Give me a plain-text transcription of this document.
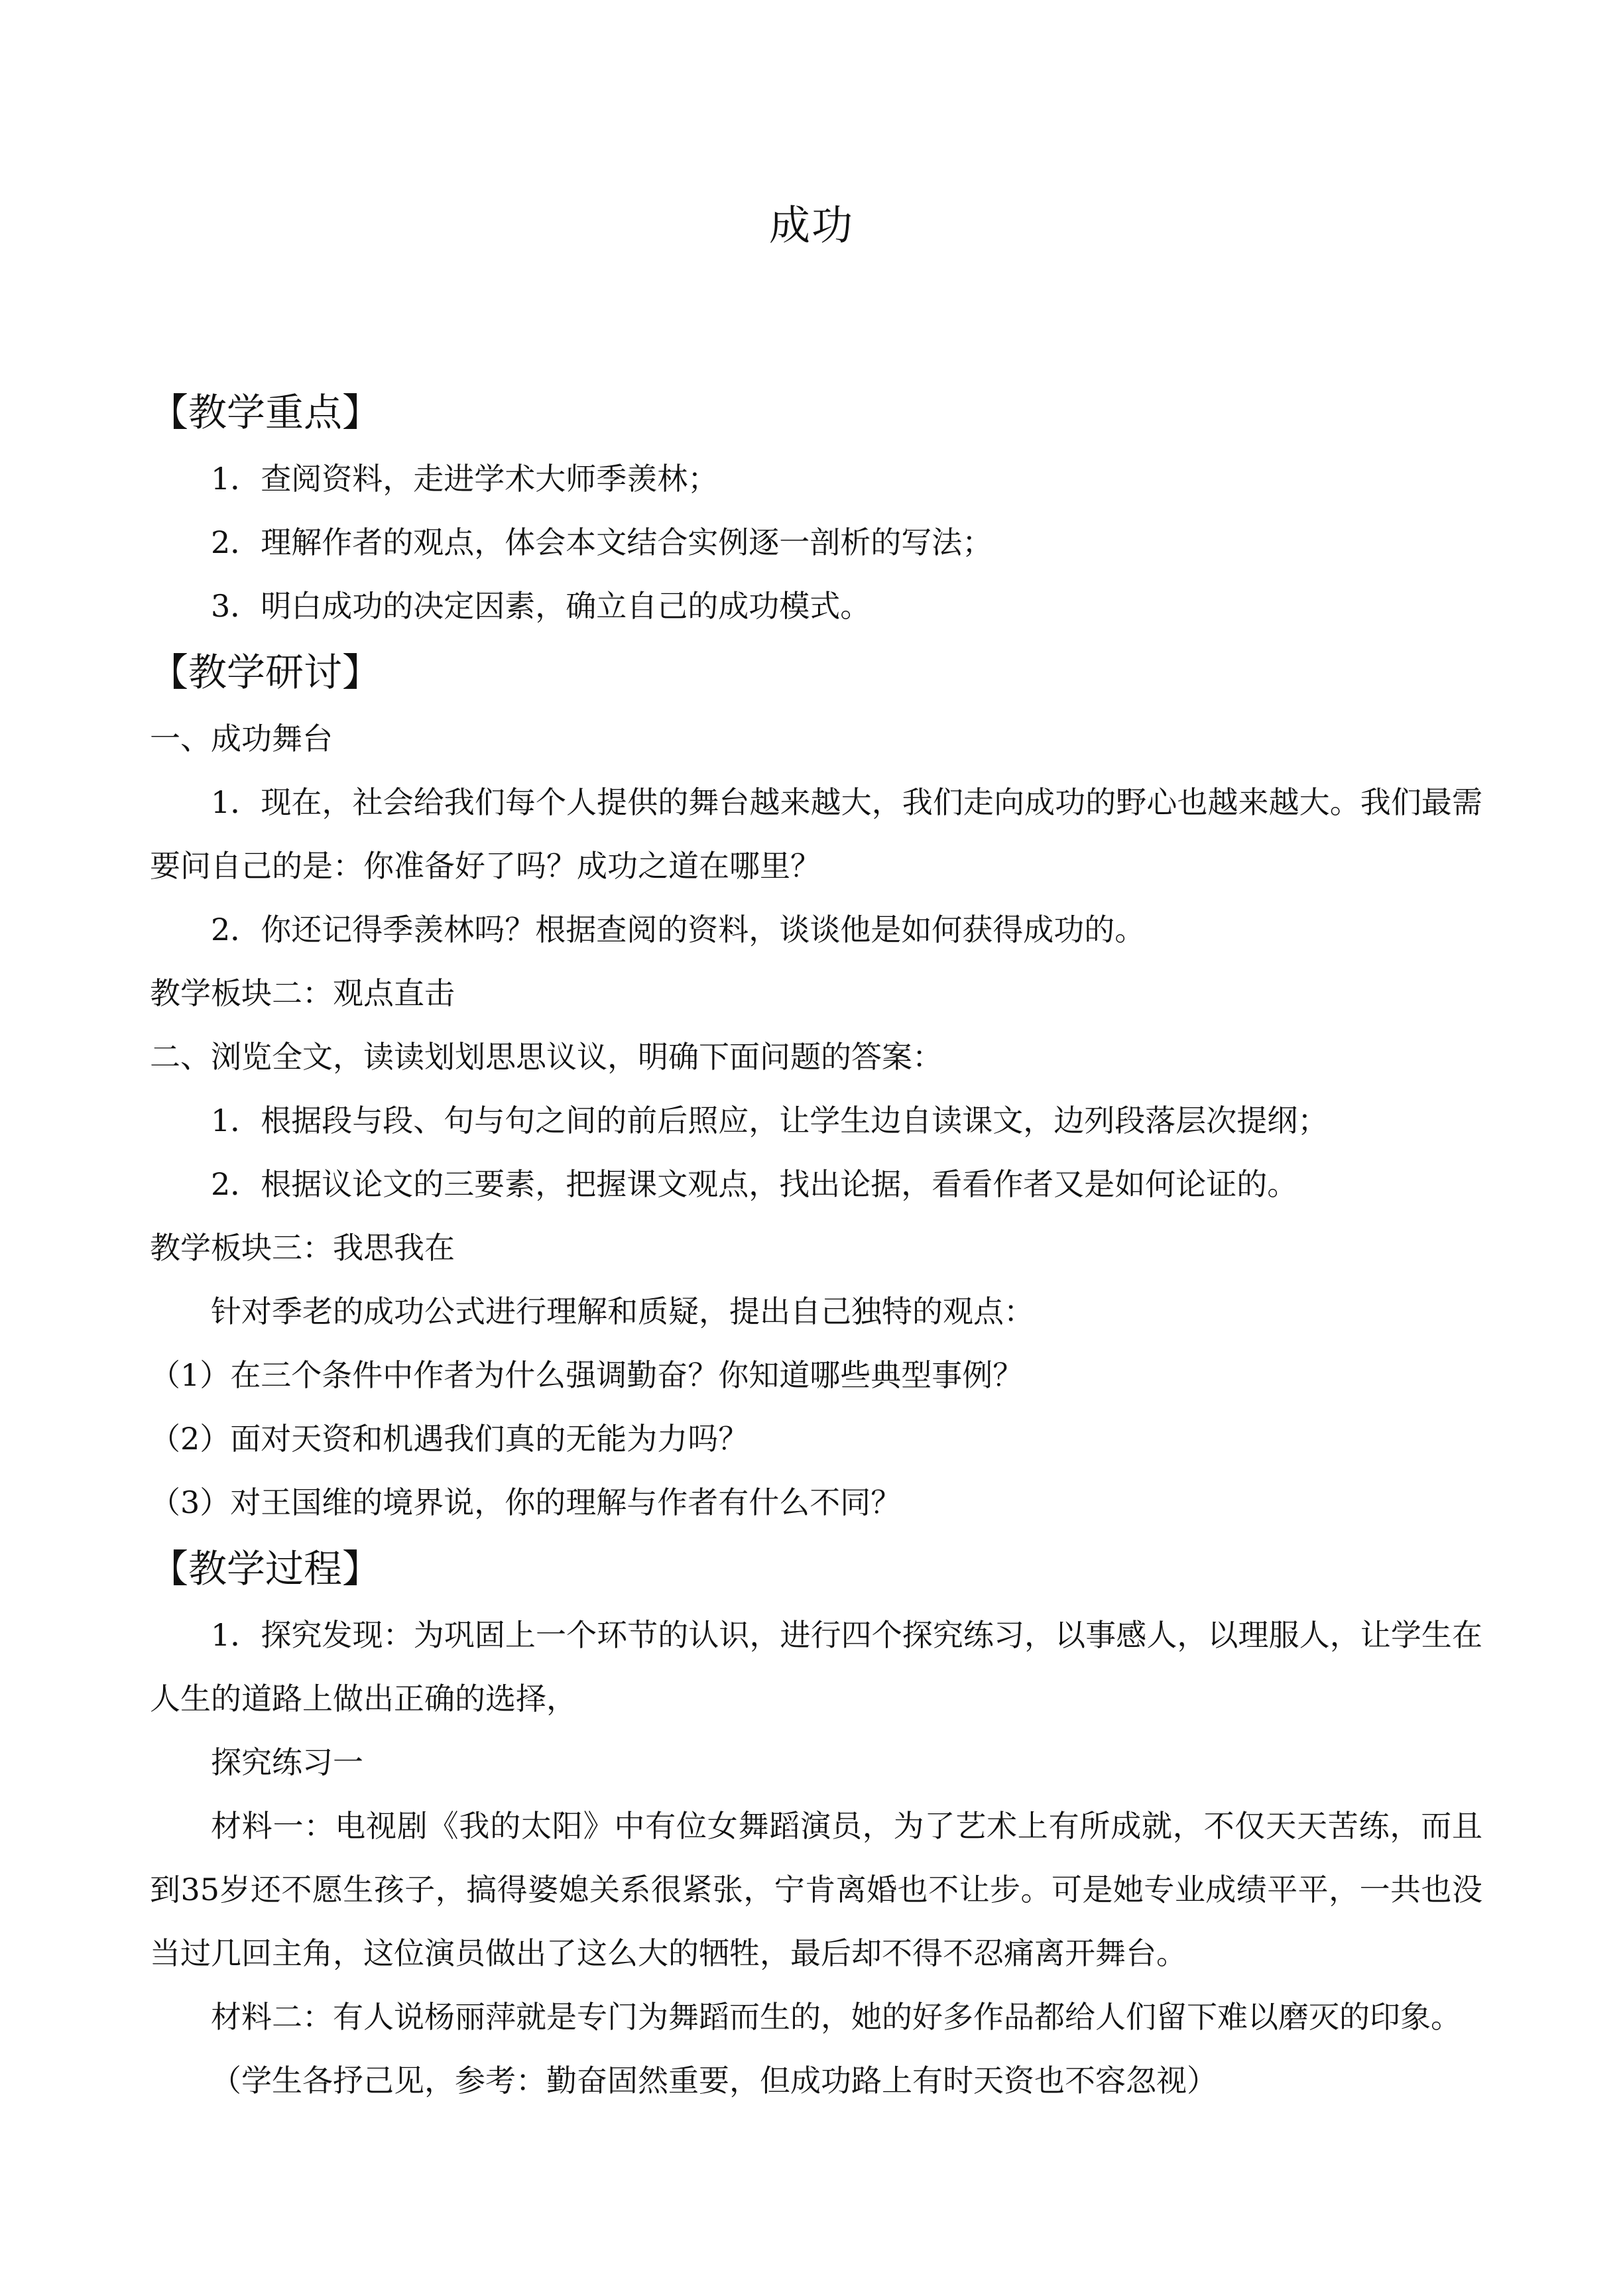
成功

【教学重点】

1．查阅资料，走进学术大师季羡林；

2．理解作者的观点，体会本文结合实例逐一剖析的写法；

3．明白成功的决定因素，确立自己的成功模式。

【教学研讨】

一、成功舞台

1．现在，社会给我们每个人提供的舞台越来越大，我们走向成功的野心也越来越大。我们最需要问自己的是：你准备好了吗？成功之道在哪里？

2．你还记得季羡林吗？根据查阅的资料，谈谈他是如何获得成功的。

教学板块二：观点直击

二、浏览全文，读读划划思思议议，明确下面问题的答案：

1．根据段与段、句与句之间的前后照应，让学生边自读课文，边列段落层次提纲；

2．根据议论文的三要素，把握课文观点，找出论据，看看作者又是如何论证的。

教学板块三：我思我在

针对季老的成功公式进行理解和质疑，提出自己独特的观点：

（1）在三个条件中作者为什么强调勤奋？你知道哪些典型事例？

（2）面对天资和机遇我们真的无能为力吗？

（3）对王国维的境界说，你的理解与作者有什么不同？

【教学过程】

1．探究发现：为巩固上一个环节的认识，进行四个探究练习，以事感人，以理服人，让学生在人生的道路上做出正确的选择，

探究练习一

材料一：电视剧《我的太阳》中有位女舞蹈演员，为了艺术上有所成就，不仅天天苦练，而且到35岁还不愿生孩子，搞得婆媳关系很紧张，宁肯离婚也不让步。可是她专业成绩平平，一共也没当过几回主角，这位演员做出了这么大的牺牲，最后却不得不忍痛离开舞台。

材料二：有人说杨丽萍就是专门为舞蹈而生的，她的好多作品都给人们留下难以磨灭的印象。

（学生各抒己见，参考：勤奋固然重要，但成功路上有时天资也不容忽视）
